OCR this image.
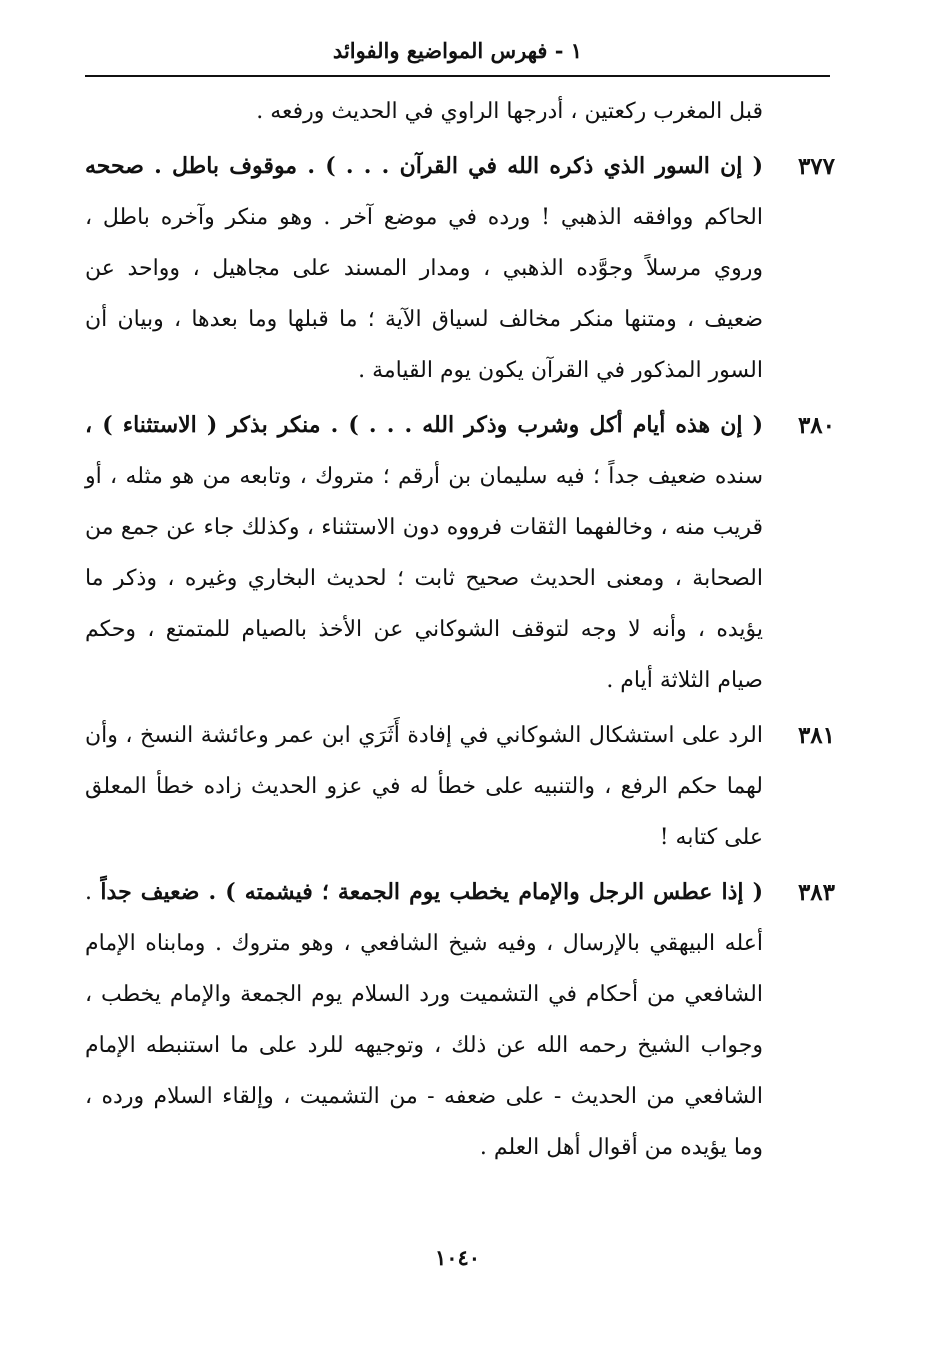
١ - فهرس المواضيع والفوائد

قبل المغرب ركعتين ، أدرجها الراوي في الحديث ورفعه .

٣٧٧

( إن السور الذي ذكره الله في القرآن . . . ) . موقوف باطل . صححه الحاكم ووافقه الذهبي ! ورده في موضع آخر . وهو منكر وآخره باطل ، وروي مرسلاً وجوَّده الذهبي ، ومدار المسند على مجاهيل ، وواحد عن ضعيف ، ومتنها منكر مخالف لسياق الآية ؛ ما قبلها وما بعدها ، وبيان أن السور المذكور في القرآن يكون يوم القيامة .

٣٨٠

( إن هذه أيام أكل وشرب وذكر الله . . . ) . منكر بذكر ( الاستثناء ) ، سنده ضعيف جداً ؛ فيه سليمان بن أرقم ؛ متروك ، وتابعه من هو مثله ، أو قريب منه ، وخالفهما الثقات فرووه دون الاستثناء ، وكذلك جاء عن جمع من الصحابة ، ومعنى الحديث صحيح ثابت ؛ لحديث البخاري وغيره ، وذكر ما يؤيده ، وأنه لا وجه لتوقف الشوكاني عن الأخذ بالصيام للمتمتع ، وحكم صيام الثلاثة أيام .

٣٨١

الرد على استشكال الشوكاني في إفادة أَثَرَي ابن عمر وعائشة النسخ ، وأن لهما حكم الرفع ، والتنبيه على خطأ له في عزو الحديث زاده خطأ المعلق على كتابه !

٣٨٣

( إذا عطس الرجل والإمام يخطب يوم الجمعة ؛ فيشمته ) . ضعيف جداً . أعله البيهقي بالإرسال ، وفيه شيخ الشافعي ، وهو متروك . ومابناه الإمام الشافعي من أحكام في التشميت ورد السلام يوم الجمعة والإمام يخطب ، وجواب الشيخ رحمه الله عن ذلك ، وتوجيهه للرد على ما استنبطه الإمام الشافعي من الحديث - على ضعفه - من التشميت ، وإلقاء السلام ورده ، وما يؤيده من أقوال أهل العلم .

١٠٤٠
